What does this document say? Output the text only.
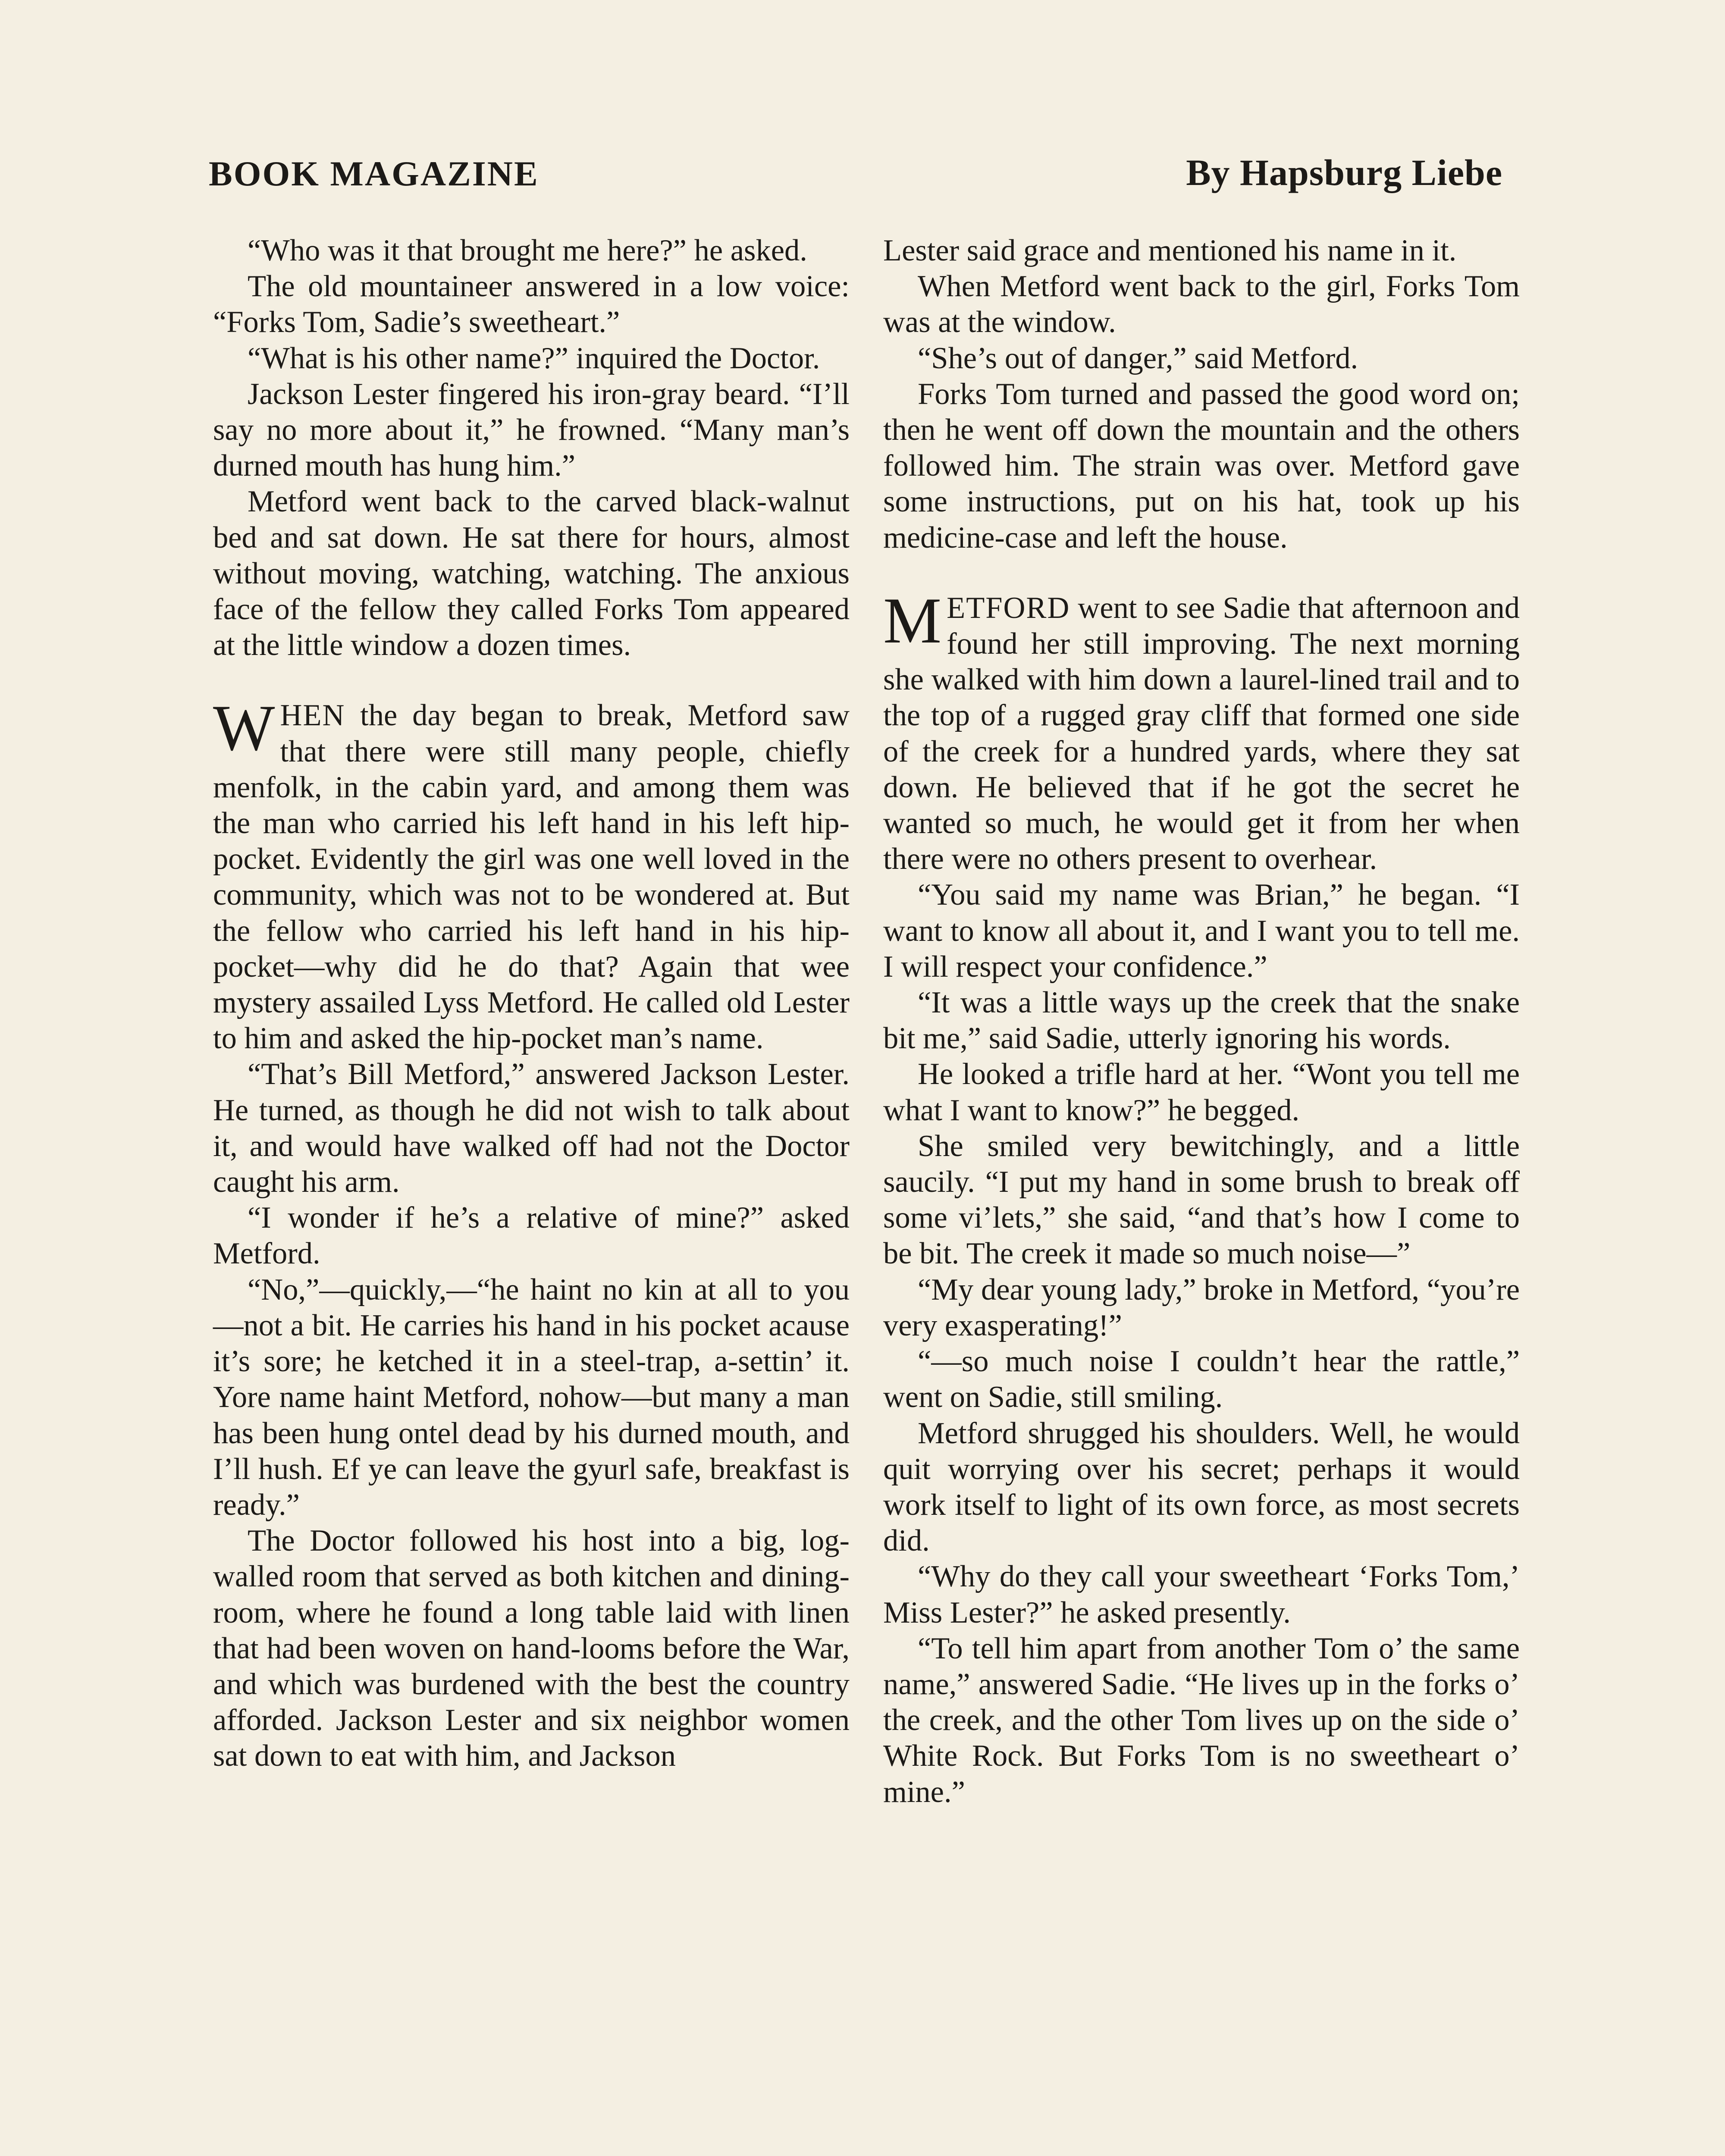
BOOK MAGAZINE	By Hapsburg Liebe

“Who was it that brought me here?” he asked.

The old mountaineer answered in a low voice: “Forks Tom, Sadie’s sweetheart.”

“What is his other name?” inquired the Doctor.

Jackson Lester fingered his iron-gray beard. “I’ll say no more about it,” he frowned. “Many man’s durned mouth has hung him.”

Metford went back to the carved black-walnut bed and sat down. He sat there for hours, almost without moving, watching, watching. The anxious face of the fellow they called Forks Tom appeared at the little window a dozen times.

WHEN the day began to break, Metford saw that there were still many people, chiefly menfolk, in the cabin yard, and among them was the man who carried his left hand in his left hip-pocket. Evidently the girl was one well loved in the community, which was not to be wondered at. But the fellow who carried his left hand in his hip-pocket—why did he do that? Again that wee mystery assailed Lyss Metford. He called old Lester to him and asked the hip-pocket man’s name.

“That’s Bill Metford,” answered Jackson Lester. He turned, as though he did not wish to talk about it, and would have walked off had not the Doctor caught his arm.

“I wonder if he’s a relative of mine?” asked Metford.

“No,”—quickly,—“he haint no kin at all to you—not a bit. He carries his hand in his pocket acause it’s sore; he ketched it in a steel-trap, a-settin’ it. Yore name haint Metford, nohow—but many a man has been hung ontel dead by his durned mouth, and I’ll hush. Ef ye can leave the gyurl safe, breakfast is ready.”

The Doctor followed his host into a big, log-walled room that served as both kitchen and dining-room, where he found a long table laid with linen that had been woven on hand-looms before the War, and which was burdened with the best the country afforded. Jackson Lester and six neighbor women sat down to eat with him, and Jackson

Lester said grace and mentioned his name in it.

When Metford went back to the girl, Forks Tom was at the window.

“She’s out of danger,” said Metford.

Forks Tom turned and passed the good word on; then he went off down the mountain and the others followed him. The strain was over. Metford gave some instructions, put on his hat, took up his medicine-case and left the house.

METFORD went to see Sadie that afternoon and found her still improving. The next morning she walked with him down a laurel-lined trail and to the top of a rugged gray cliff that formed one side of the creek for a hundred yards, where they sat down. He believed that if he got the secret he wanted so much, he would get it from her when there were no others present to overhear.

“You said my name was Brian,” he began. “I want to know all about it, and I want you to tell me. I will respect your confidence.”

“It was a little ways up the creek that the snake bit me,” said Sadie, utterly ignoring his words.

He looked a trifle hard at her. “Wont you tell me what I want to know?” he begged.

She smiled very bewitchingly, and a little saucily. “I put my hand in some brush to break off some vi’lets,” she said, “and that’s how I come to be bit. The creek it made so much noise—”

“My dear young lady,” broke in Metford, “you’re very exasperating!”

“—so much noise I couldn’t hear the rattle,” went on Sadie, still smiling.

Metford shrugged his shoulders. Well, he would quit worrying over his secret; perhaps it would work itself to light of its own force, as most secrets did.

“Why do they call your sweetheart ‘Forks Tom,’ Miss Lester?” he asked presently.

“To tell him apart from another Tom o’ the same name,” answered Sadie. “He lives up in the forks o’ the creek, and the other Tom lives up on the side o’ White Rock. But Forks Tom is no sweetheart o’ mine.”
